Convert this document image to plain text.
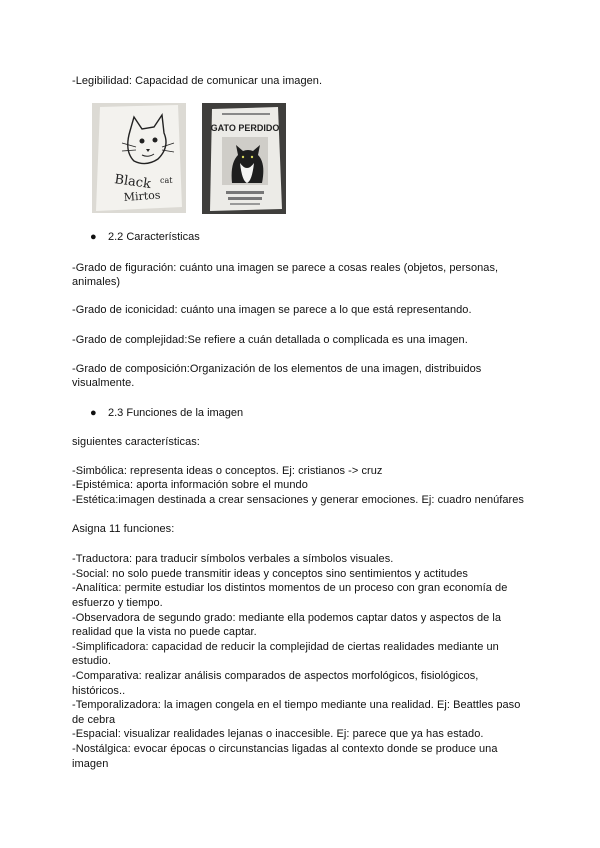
-Legibilidad: Capacidad de comunicar una imagen.
Black cat
Mirtos
GATO PERDIDO
● 2.2 Características
-Grado de figuración: cuánto una imagen se parece a cosas reales (objetos, personas,
animales)
-Grado de iconicidad: cuánto una imagen se parece a lo que está representando.
-Grado de complejidad:Se refiere a cuán detallada o complicada es una imagen.
-Grado de composición:Organización de los elementos de una imagen, distribuidos
visualmente.
● 2.3 Funciones de la imagen
siguientes características:
-Simbólica: representa ideas o conceptos. Ej: cristianos -> cruz
-Epistémica: aporta información sobre el mundo
-Estética:imagen destinada a crear sensaciones y generar emociones. Ej: cuadro nenúfares
Asigna 11 funciones:
-Traductora: para traducir símbolos verbales a símbolos visuales.
-Social: no solo puede transmitir ideas y conceptos sino sentimientos y actitudes
-Analítica: permite estudiar los distintos momentos de un proceso con gran economía de
esfuerzo y tiempo.
-Observadora de segundo grado: mediante ella podemos captar datos y aspectos de la
realidad que la vista no puede captar.
-Simplificadora: capacidad de reducir la complejidad de ciertas realidades mediante un
estudio.
-Comparativa: realizar análisis comparados de aspectos morfológicos, fisiológicos,
históricos..
-Temporalizadora: la imagen congela en el tiempo mediante una realidad. Ej: Beattles paso
de cebra
-Espacial: visualizar realidades lejanas o inaccesible. Ej: parece que ya has estado.
-Nostálgica: evocar épocas o circunstancias ligadas al contexto donde se produce una
imagen
